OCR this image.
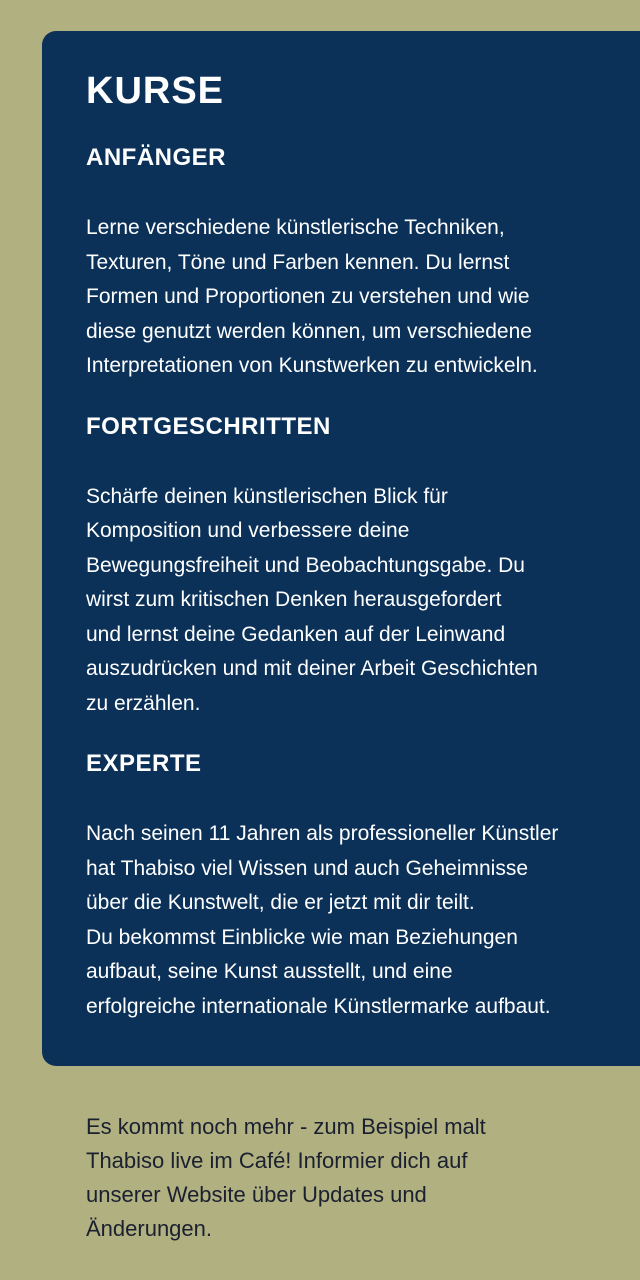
KURSE
ANFÄNGER

Lerne verschiedene künstlerische Techniken,
Texturen, Töne und Farben kennen. Du lernst
Formen und Proportionen zu verstehen und wie
diese genutzt werden können, um verschiedene
Interpretationen von Kunstwerken zu entwickeln.

FORTGESCHRITTEN

Schärfe deinen künstlerischen Blick für
Komposition und verbessere deine
Bewegungsfreiheit und Beobachtungsgabe. Du
wirst zum kritischen Denken herausgefordert
und lernst deine Gedanken auf der Leinwand
auszudrücken und mit deiner Arbeit Geschichten
zu erzählen.

EXPERTE

Nach seinen 11 Jahren als professioneller Künstler
hat Thabiso viel Wissen und auch Geheimnisse
über die Kunstwelt, die er jetzt mit dir teilt.
Du bekommst Einblicke wie man Beziehungen
aufbaut, seine Kunst ausstellt, und eine
erfolgreiche internationale Künstlermarke aufbaut.

Es kommt noch mehr - zum Beispiel malt
Thabiso live im Café! Informier dich auf
unserer Website über Updates und
Änderungen.
